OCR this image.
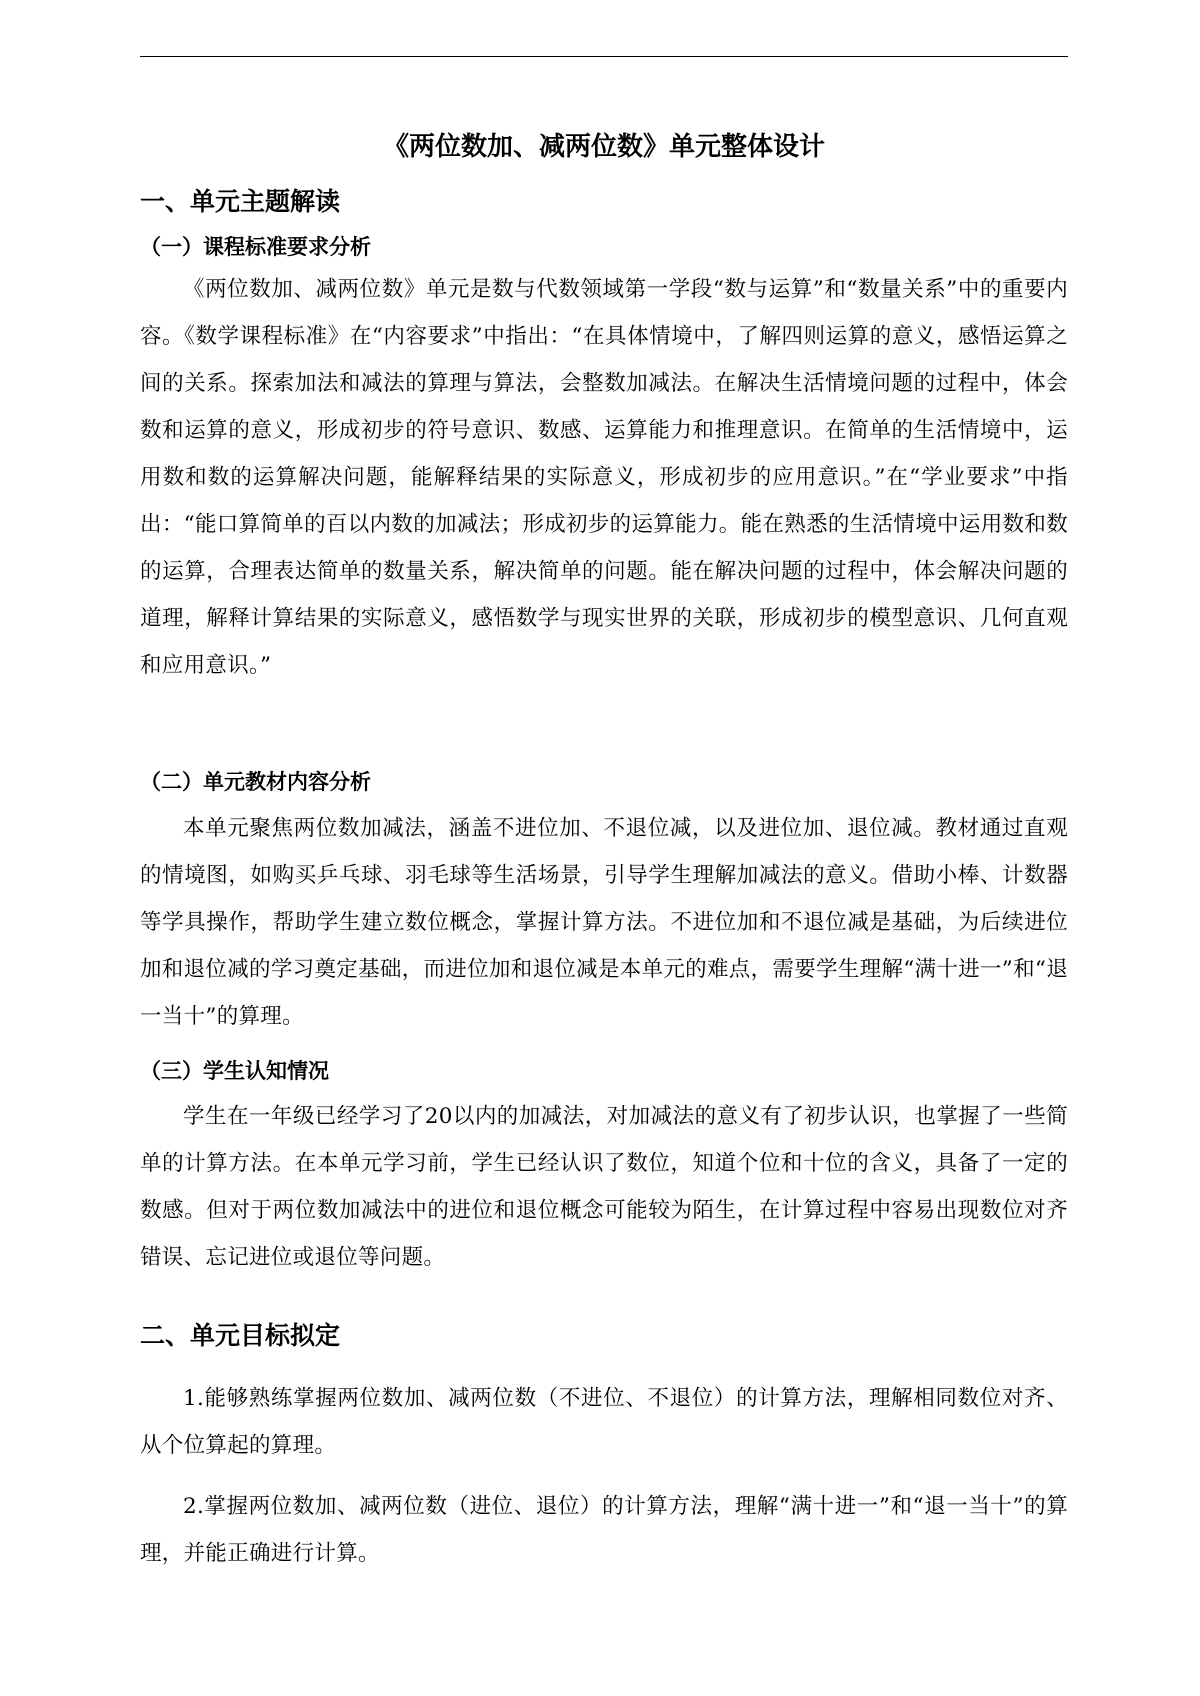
《两位数加、减两位数》单元整体设计
一、单元主题解读
（一）课程标准要求分析

《两位数加、减两位数》单元是数与代数领域第一学段“数与运算”和“数量关系”中的重要内容。《数学课程标准》在“内容要求”中指出：“在具体情境中，了解四则运算的意义，感悟运算之间的关系。探索加法和减法的算理与算法，会整数加减法。在解决生活情境问题的过程中，体会数和运算的意义，形成初步的符号意识、数感、运算能力和推理意识。在简单的生活情境中，运用数和数的运算解决问题，能解释结果的实际意义，形成初步的应用意识。”在“学业要求”中指出：“能口算简单的百以内数的加减法；形成初步的运算能力。能在熟悉的生活情境中运用数和数的运算，合理表达简单的数量关系，解决简单的问题。能在解决问题的过程中，体会解决问题的道理，解释计算结果的实际意义，感悟数学与现实世界的关联，形成初步的模型意识、几何直观和应用意识。”

（二）单元教材内容分析

本单元聚焦两位数加减法，涵盖不进位加、不退位减，以及进位加、退位减。教材通过直观的情境图，如购买乒乓球、羽毛球等生活场景，引导学生理解加减法的意义。借助小棒、计数器等学具操作，帮助学生建立数位概念，掌握计算方法。不进位加和不退位减是基础，为后续进位加和退位减的学习奠定基础，而进位加和退位减是本单元的难点，需要学生理解“满十进一”和“退一当十”的算理。

（三）学生认知情况

学生在一年级已经学习了20以内的加减法，对加减法的意义有了初步认识，也掌握了一些简单的计算方法。在本单元学习前，学生已经认识了数位，知道个位和十位的含义，具备了一定的数感。但对于两位数加减法中的进位和退位概念可能较为陌生，在计算过程中容易出现数位对齐错误、忘记进位或退位等问题。

二、单元目标拟定

1.能够熟练掌握两位数加、减两位数（不进位、不退位）的计算方法，理解相同数位对齐、从个位算起的算理。

2.掌握两位数加、减两位数（进位、退位）的计算方法，理解“满十进一”和“退一当十”的算理，并能正确进行计算。
